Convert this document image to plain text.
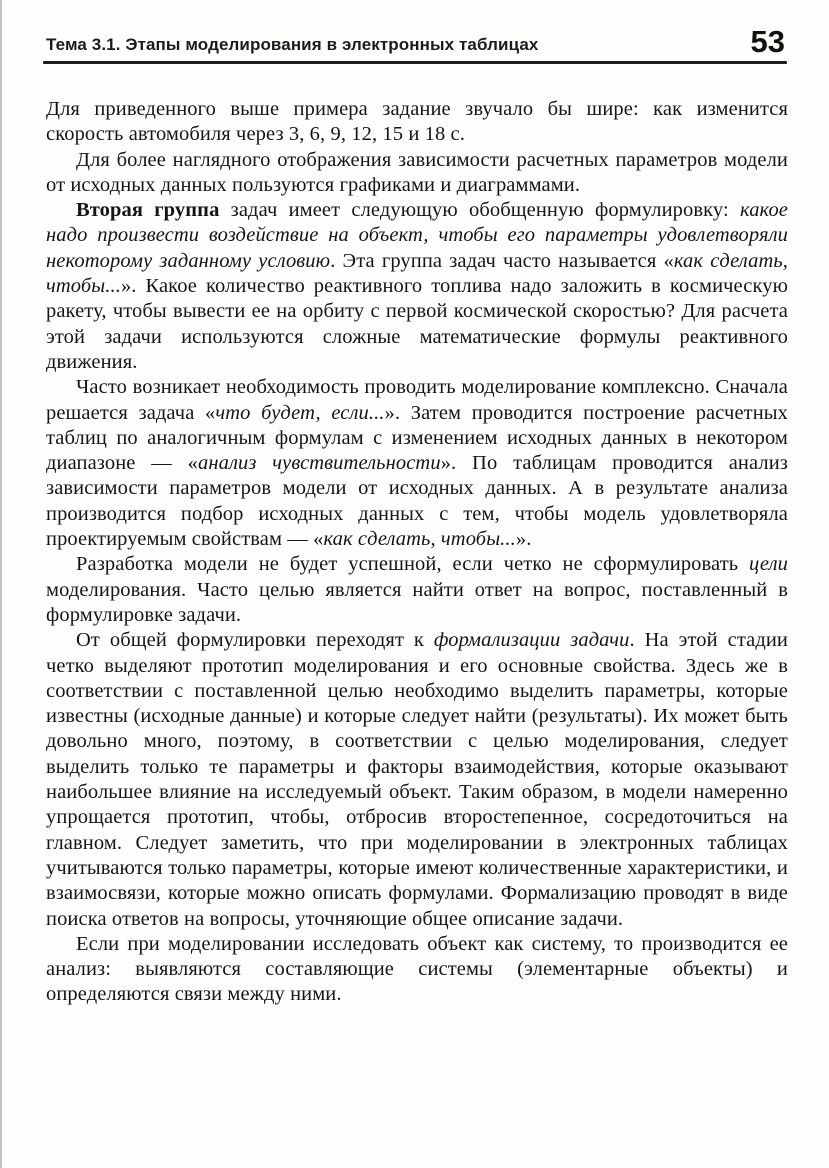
Тема 3.1. Этапы моделирования в электронных таблицах	53

Для приведенного выше примера задание звучало бы шире: как изменится скорость автомобиля через 3, 6, 9, 12, 15 и 18 с.

Для более наглядного отображения зависимости расчетных параметров модели от исходных данных пользуются графиками и диаграммами.

Вторая группа задач имеет следующую обобщенную формулировку: какое надо произвести воздействие на объект, чтобы его параметры удовлетворяли некоторому заданному условию. Эта группа задач часто называется «как сделать, чтобы...». Какое количество реактивного топлива надо заложить в космическую ракету, чтобы вывести ее на орбиту с первой космической скоростью? Для расчета этой задачи используются сложные математические формулы реактивного движения.

Часто возникает необходимость проводить моделирование комплексно. Сначала решается задача «что будет, если...». Затем проводится построение расчетных таблиц по аналогичным формулам с изменением исходных данных в некотором диапазоне — «анализ чувствительности». По таблицам проводится анализ зависимости параметров модели от исходных данных. А в результате анализа производится подбор исходных данных с тем, чтобы модель удовлетворяла проектируемым свойствам — «как сделать, чтобы...».

Разработка модели не будет успешной, если четко не сформулировать цели моделирования. Часто целью является найти ответ на вопрос, поставленный в формулировке задачи.

От общей формулировки переходят к формализации задачи. На этой стадии четко выделяют прототип моделирования и его основные свойства. Здесь же в соответствии с поставленной целью необходимо выделить параметры, которые известны (исходные данные) и которые следует найти (результаты). Их может быть довольно много, поэтому, в соответствии с целью моделирования, следует выделить только те параметры и факторы взаимодействия, которые оказывают наибольшее влияние на исследуемый объект. Таким образом, в модели намеренно упрощается прототип, чтобы, отбросив второстепенное, сосредоточиться на главном. Следует заметить, что при моделировании в электронных таблицах учитываются только параметры, которые имеют количественные характеристики, и взаимосвязи, которые можно описать формулами. Формализацию проводят в виде поиска ответов на вопросы, уточняющие общее описание задачи.

Если при моделировании исследовать объект как систему, то производится ее анализ: выявляются составляющие системы (элементарные объекты) и определяются связи между ними.
